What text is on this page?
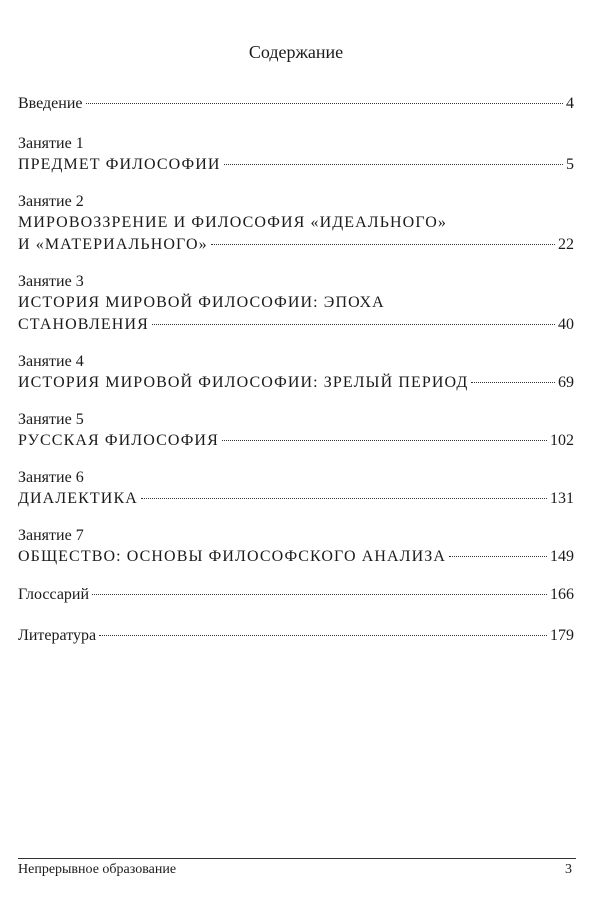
Содержание
Введение	4
Занятие 1
ПРЕДМЕТ ФИЛОСОФИИ	5
Занятие 2
МИРОВОЗЗРЕНИЕ И ФИЛОСОФИЯ «ИДЕАЛЬНОГО»
И «МАТЕРИАЛЬНОГО»	22
Занятие 3
ИСТОРИЯ МИРОВОЙ ФИЛОСОФИИ: ЭПОХА
СТАНОВЛЕНИЯ	40
Занятие 4
ИСТОРИЯ МИРОВОЙ ФИЛОСОФИИ: ЗРЕЛЫЙ ПЕРИОД	69
Занятие 5
РУССКАЯ ФИЛОСОФИЯ	102
Занятие 6
ДИАЛЕКТИКА	131
Занятие 7
ОБЩЕСТВО: ОСНОВЫ ФИЛОСОФСКОГО АНАЛИЗА	149
Глоссарий	166
Литература	179
Непрерывное образование	3
